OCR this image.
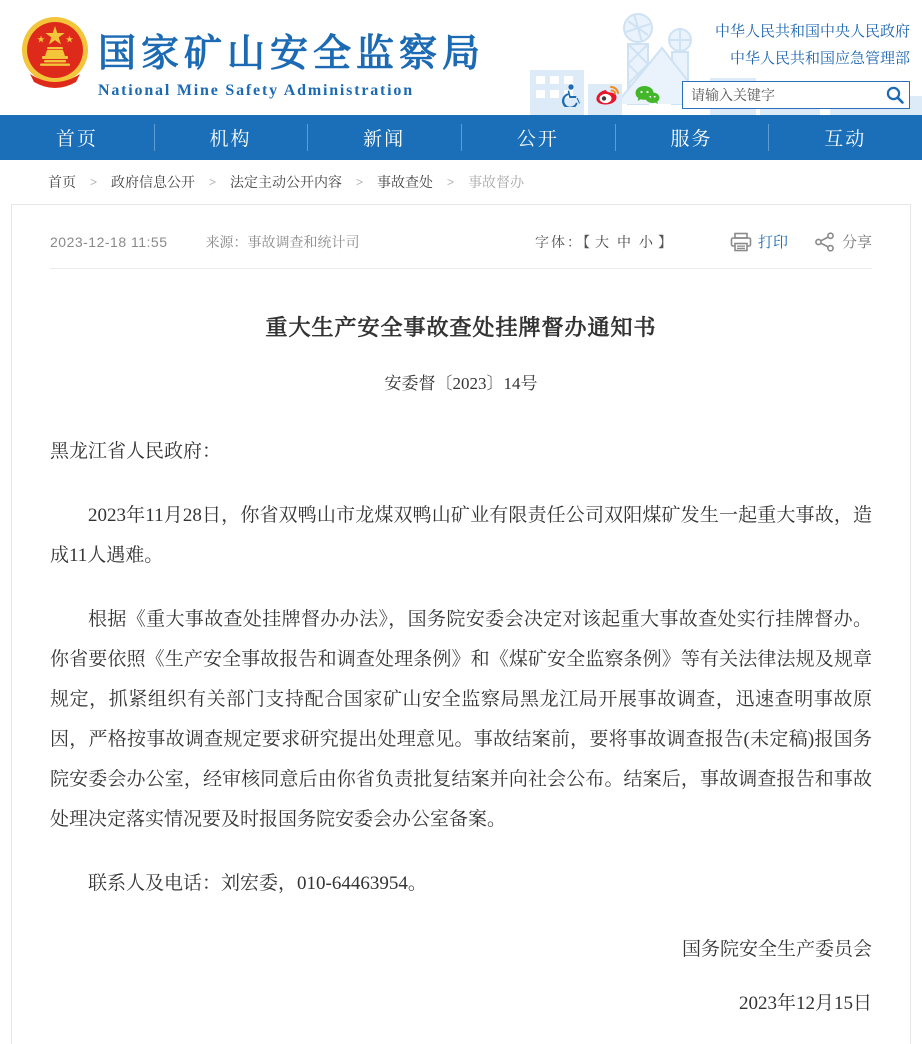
国家矿山安全监察局
National Mine Safety Administration
中华人民共和国中央人民政府
中华人民共和国应急管理部
请输入关键字
首页	机构	新闻	公开	服务	互动
首页 > 政府信息公开 > 法定主动公开内容 > 事故查处 > 事故督办
2023-12-18 11:55	来源：事故调查和统计司	字体：【 大 中 小 】	打印	分享
重大生产安全事故查处挂牌督办通知书
安委督〔2023〕14号

黑龙江省人民政府：

2023年11月28日，你省双鸭山市龙煤双鸭山矿业有限责任公司双阳煤矿发生一起重大事故，造成11人遇难。

根据《重大事故查处挂牌督办办法》，国务院安委会决定对该起重大事故查处实行挂牌督办。你省要依照《生产安全事故报告和调查处理条例》和《煤矿安全监察条例》等有关法律法规及规章规定，抓紧组织有关部门支持配合国家矿山安全监察局黑龙江局开展事故调查，迅速查明事故原因，严格按事故调查规定要求研究提出处理意见。事故结案前，要将事故调查报告(未定稿)报国务院安委会办公室，经审核同意后由你省负责批复结案并向社会公布。结案后，事故调查报告和事故处理决定落实情况要及时报国务院安委会办公室备案。

联系人及电话：刘宏委，010-64463954。

国务院安全生产委员会
2023年12月15日
